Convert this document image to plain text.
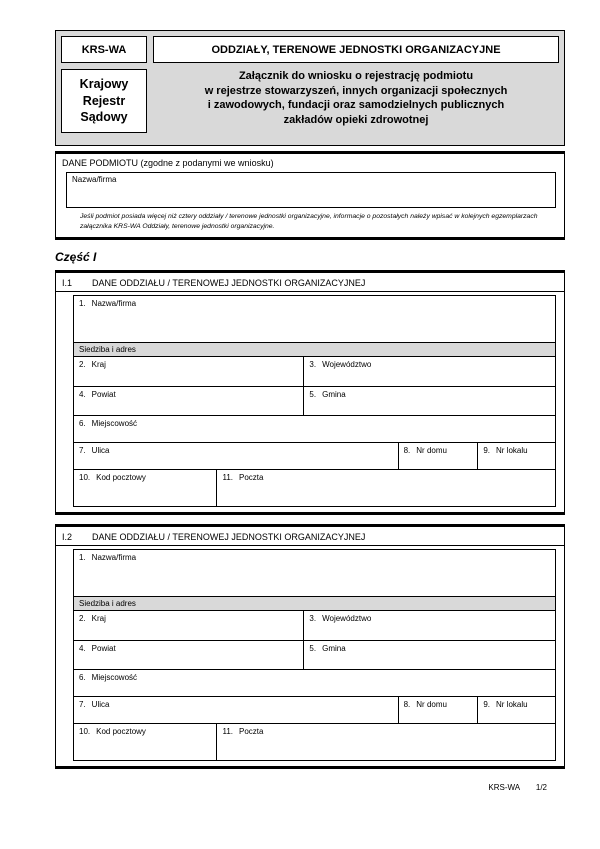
KRS-WA
Krajowy Rejestr Sądowy
ODDZIAŁY, TERENOWE JEDNOSTKI ORGANIZACYJNE
Załącznik do wniosku o rejestrację podmiotu
w rejestrze stowarzyszeń, innych organizacji społecznych
i zawodowych, fundacji oraz samodzielnych publicznych
zakładów opieki zdrowotnej
DANE PODMIOTU (zgodne z podanymi we wniosku)
Nazwa/firma
Jeśli podmiot posiada więcej niż cztery oddziały / terenowe jednostki organizacyjne, informacje o pozostałych należy wpisać w kolejnych egzemplarzach załącznika KRS-WA Oddziały, terenowe jednostki organizacyjne.
Część I
I.1	DANE ODDZIAŁU / TERENOWEJ JEDNOSTKI ORGANIZACYJNEJ
1. Nazwa/firma
Siedziba i adres
2. Kraj	3. Województwo
4. Powiat	5. Gmina
6. Miejscowość
7. Ulica	8. Nr domu	9. Nr lokalu
10. Kod pocztowy	11. Poczta
I.2	DANE ODDZIAŁU / TERENOWEJ JEDNOSTKI ORGANIZACYJNEJ
1. Nazwa/firma
Siedziba i adres
2. Kraj	3. Województwo
4. Powiat	5. Gmina
6. Miejscowość
7. Ulica	8. Nr domu	9. Nr lokalu
10. Kod pocztowy	11. Poczta
KRS-WA 1/2
